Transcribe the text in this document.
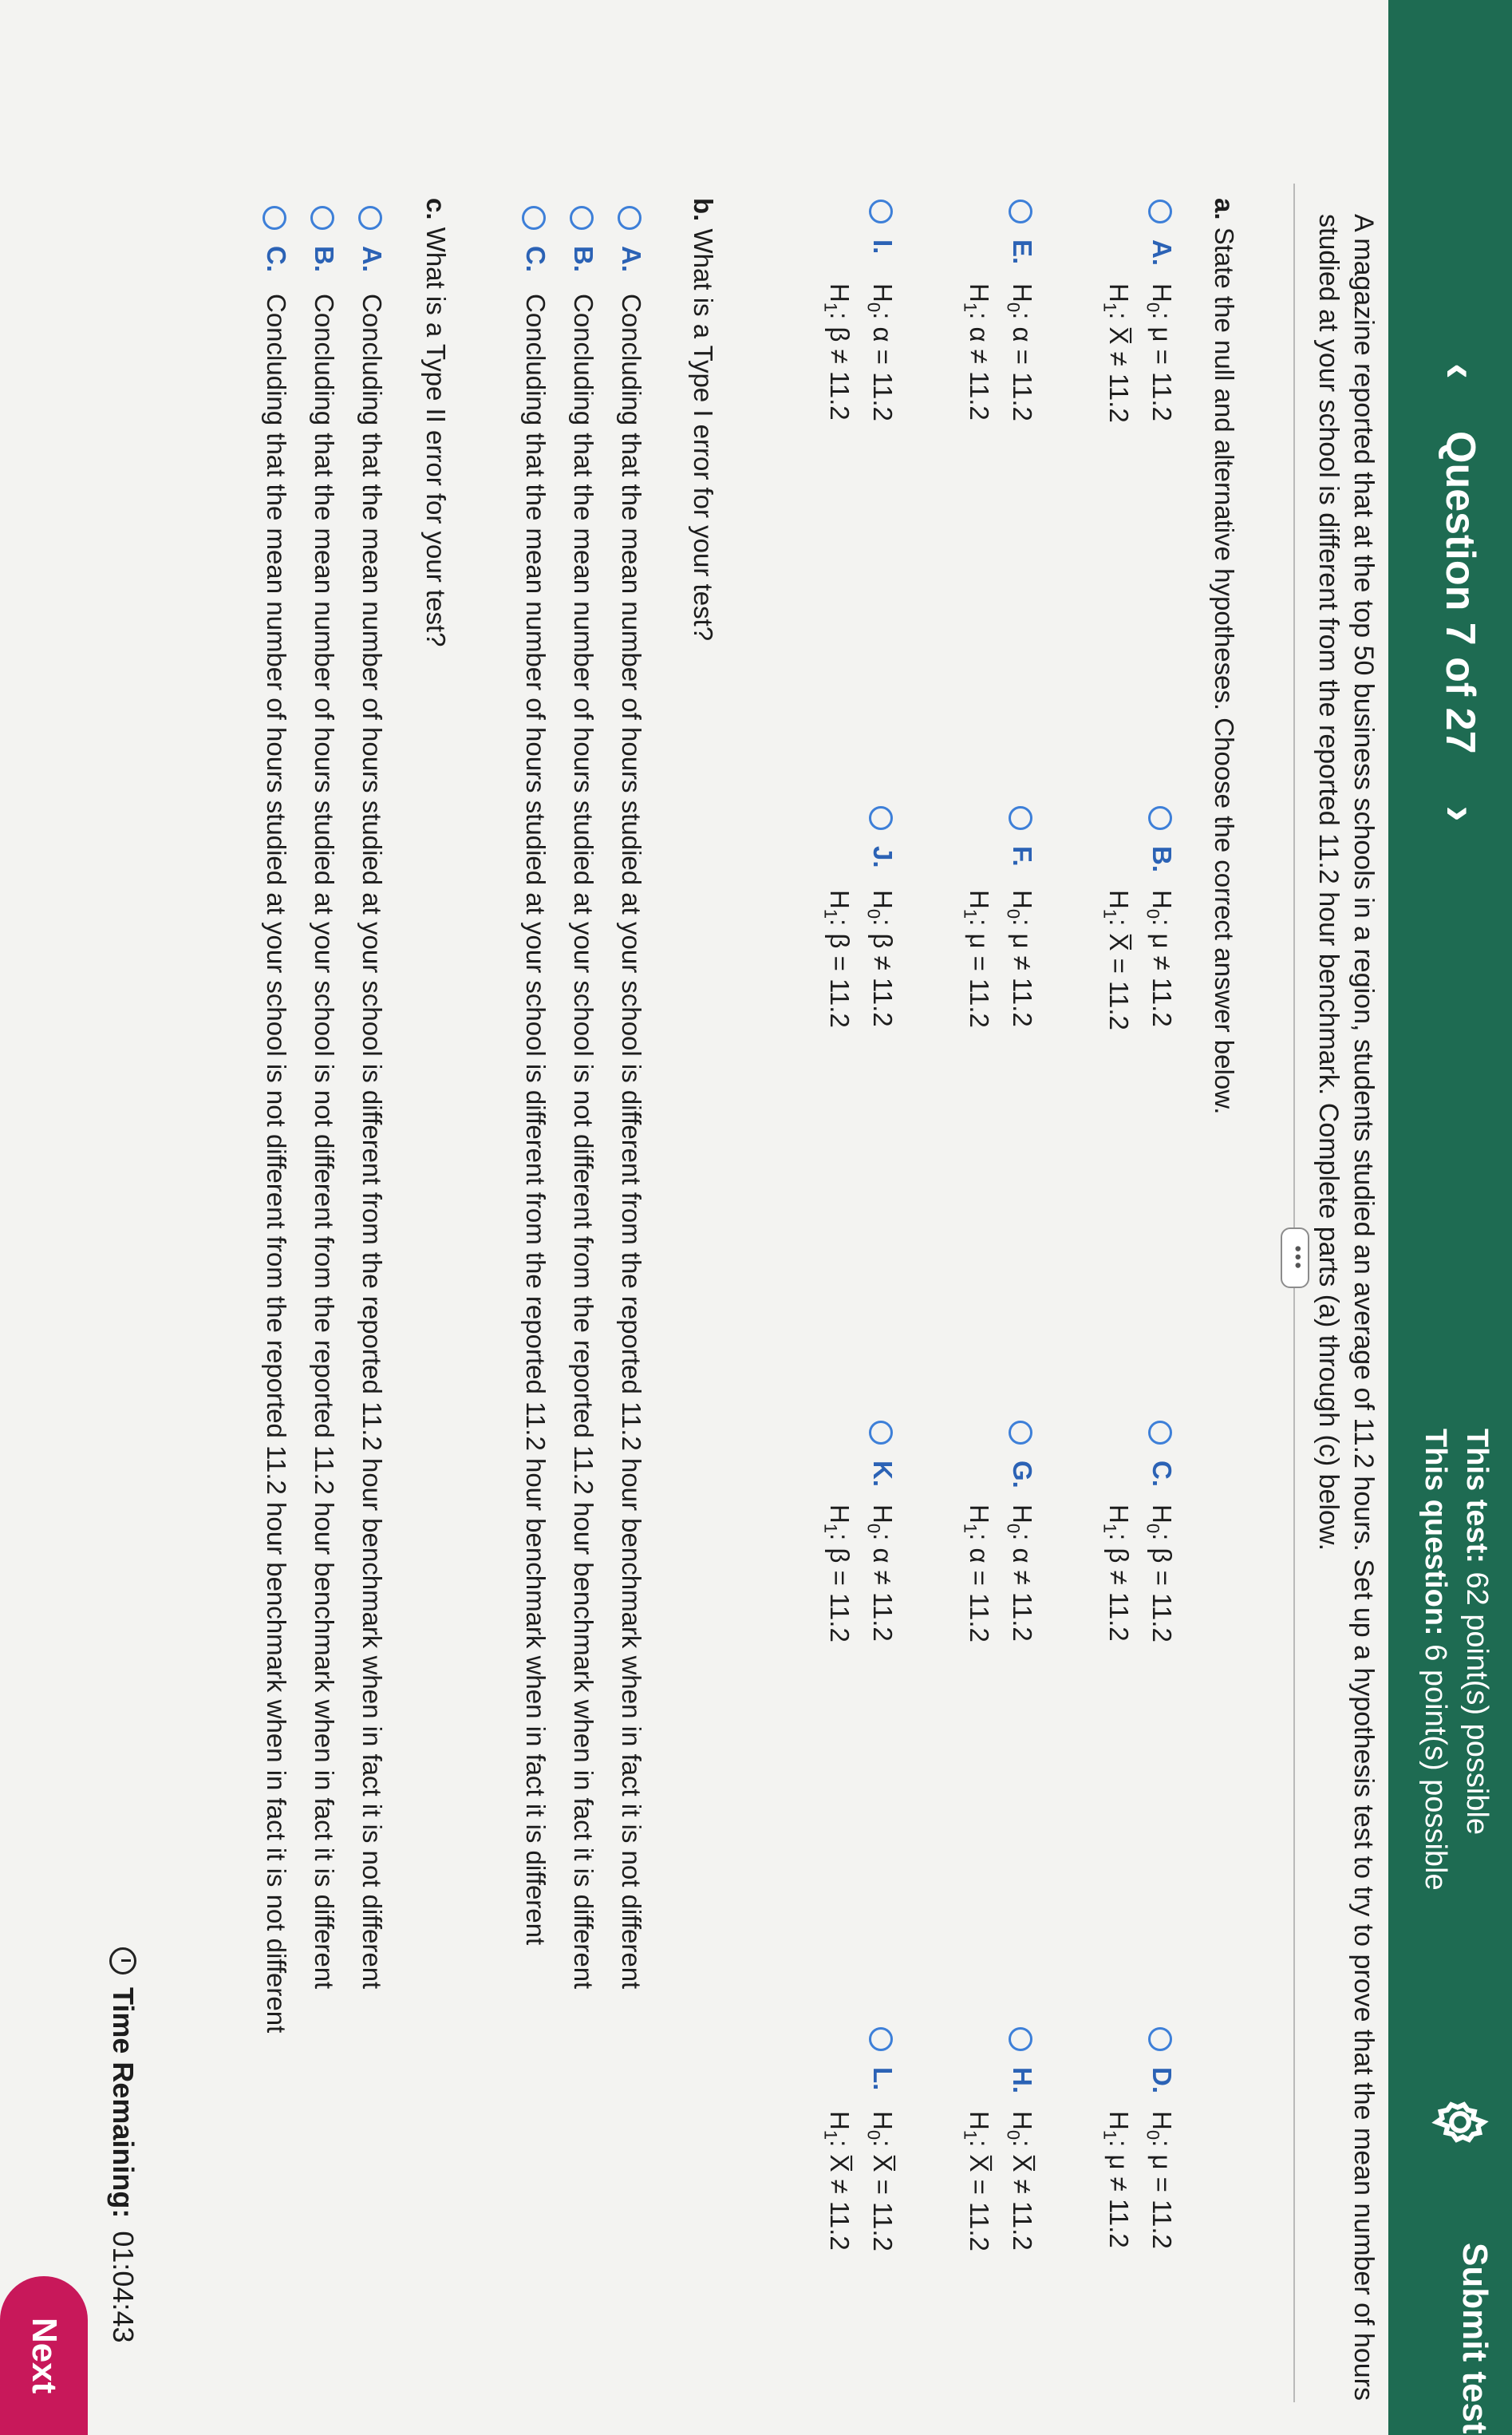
‹
Question 7 of 27
›
This test: 62 point(s) possible
This question: 6 point(s) possible
Submit test
A magazine reported that at the top 50 business schools in a region, students studied an average of 11.2 hours. Set up a hypothesis test to try to prove that the mean number of hours studied at your school is different from the reported 11.2 hour benchmark. Complete parts (a) through (c) below.
•••
a. State the null and alternative hypotheses. Choose the correct answer below.
A.
$H_0$: μ = 11.2
$H_1$: X̅ ≠ 11.2
B.
$H_0$: μ ≠ 11.2
$H_1$: X̅ = 11.2
C.
$H_0$: β = 11.2
$H_1$: β ≠ 11.2
D.
$H_0$: μ = 11.2
$H_1$: μ ≠ 11.2
E.
$H_0$: α = 11.2
$H_1$: α ≠ 11.2
F.
$H_0$: μ ≠ 11.2
$H_1$: μ = 11.2
G.
$H_0$: α ≠ 11.2
$H_1$: α = 11.2
H.
$H_0$: X̅ ≠ 11.2
$H_1$: X̅ = 11.2
I.
$H_0$: α = 11.2
$H_1$: β ≠ 11.2
J.
$H_0$: β ≠ 11.2
$H_1$: β = 11.2
K.
$H_0$: α ≠ 11.2
$H_1$: β = 11.2
L.
$H_0$: X̅ = 11.2
$H_1$: X̅ ≠ 11.2
b. What is a Type I error for your test?
A.
Concluding that the mean number of hours studied at your school is different from the reported 11.2 hour benchmark when in fact it is not different
B.
Concluding that the mean number of hours studied at your school is not different from the reported 11.2 hour benchmark when in fact it is different
C.
Concluding that the mean number of hours studied at your school is different from the reported 11.2 hour benchmark when in fact it is different
c. What is a Type II error for your test?
A.
Concluding that the mean number of hours studied at your school is different from the reported 11.2 hour benchmark when in fact it is not different
B.
Concluding that the mean number of hours studied at your school is not different from the reported 11.2 hour benchmark when in fact it is different
C.
Concluding that the mean number of hours studied at your school is not different from the reported 11.2 hour benchmark when in fact it is not different
Time Remaining:
01:04:43
Next
